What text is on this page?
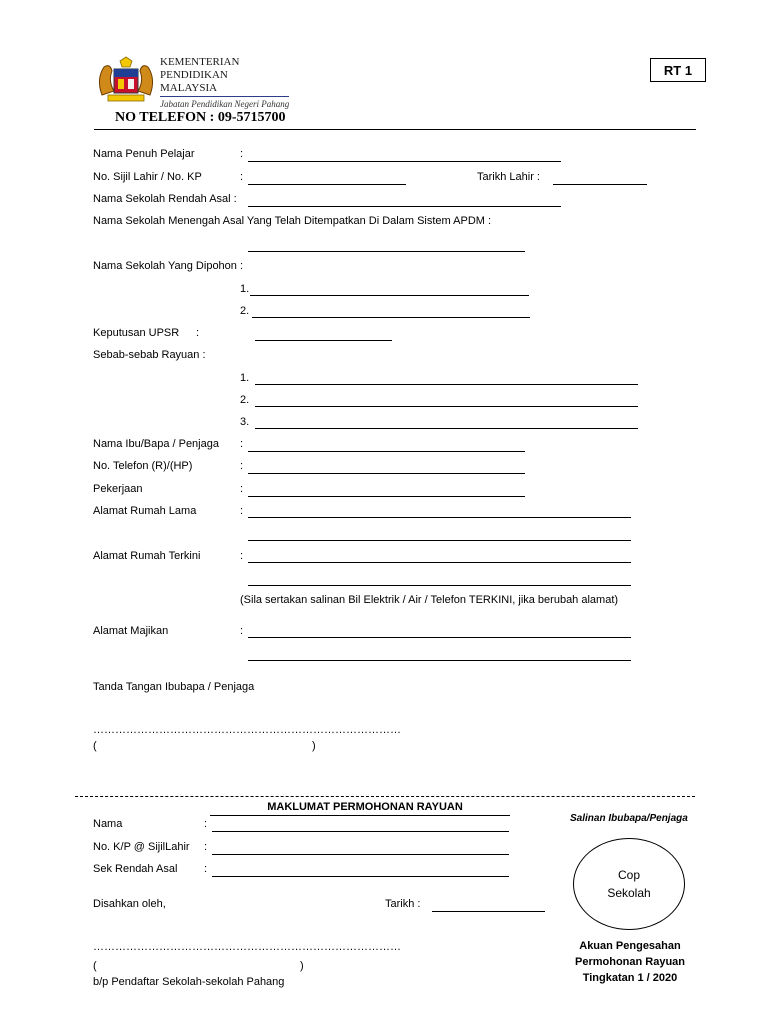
KEMENTERIAN
PENDIDIKAN
MALAYSIA
Jabatan Pendidikan Negeri Pahang
RT 1
NO TELEFON : 09-5715700
Nama Penuh Pelajar	:
No. Sijil Lahir / No. KP	:	Tarikh Lahir :
Nama Sekolah Rendah Asal :
Nama Sekolah Menengah Asal Yang Telah Ditempatkan Di Dalam Sistem APDM :
Nama Sekolah Yang Dipohon :
1.
2.
Keputusan UPSR :
Sebab-sebab Rayuan :
1.
2.
3.
Nama Ibu/Bapa / Penjaga :
No. Telefon (R)/(HP)	:
Pekerjaan	:
Alamat Rumah Lama	:
Alamat Rumah Terkini	:
(Sila sertakan salinan Bil Elektrik / Air / Telefon TERKINI, jika berubah alamat)
Alamat Majikan	:
Tanda Tangan Ibubapa / Penjaga
…………………………………………………………………………
(	)
MAKLUMAT PERMOHONAN RAYUAN
Salinan Ibubapa/Penjaga
Nama	:
No. K/P @ SijilLahir :
Sek Rendah Asal :
Disahkan oleh,	Tarikh :
Cop
Sekolah
Akuan Pengesahan
Permohonan Rayuan
Tingkatan 1 / 2020
…………………………………………………………………………
(	)
b/p Pendaftar Sekolah-sekolah Pahang
